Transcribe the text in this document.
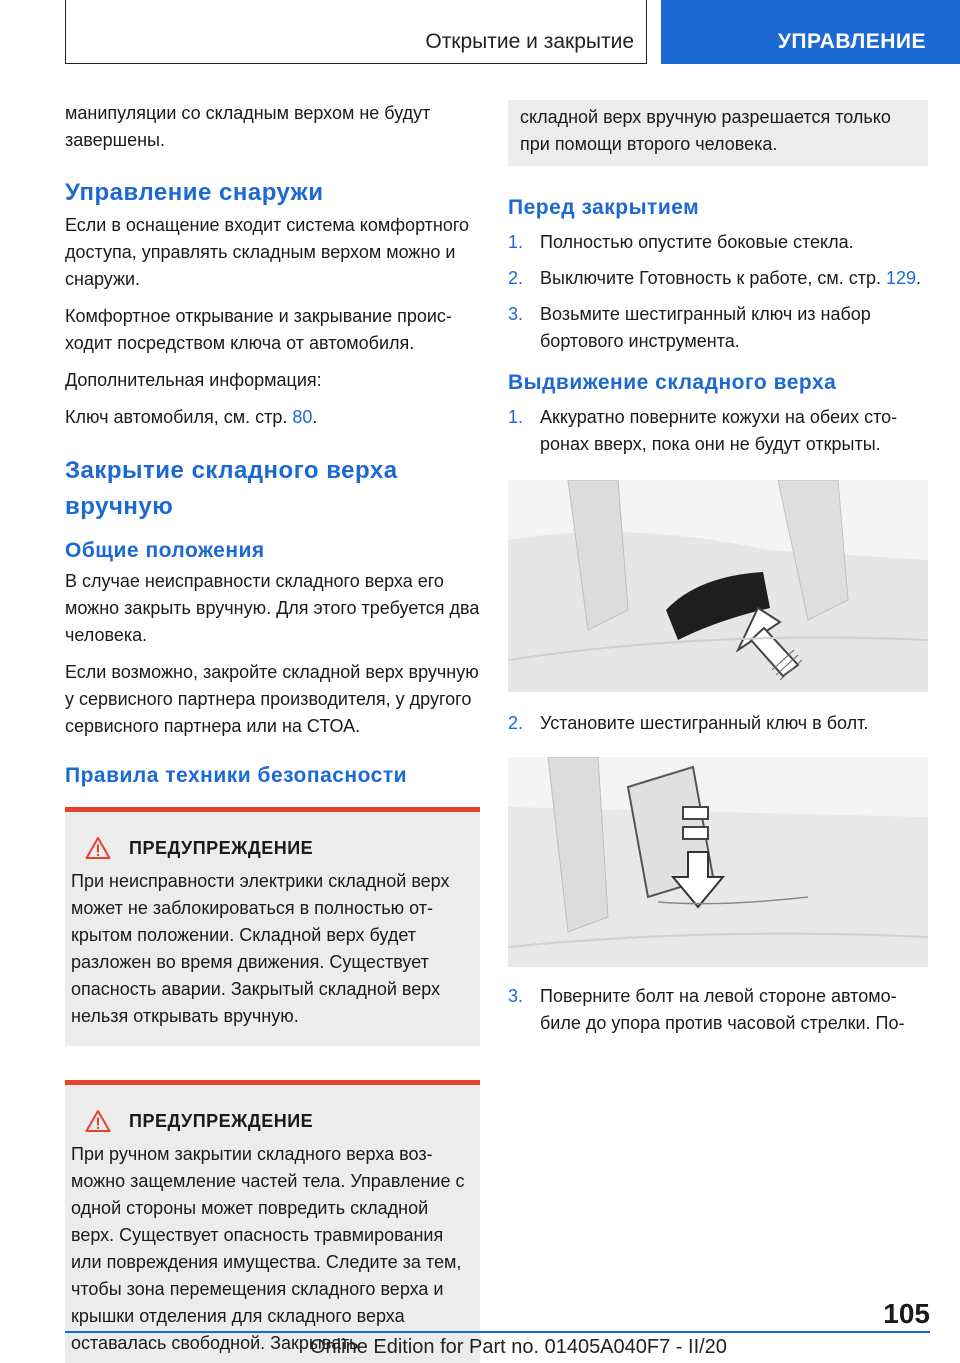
Открытие и закрытие	УПРАВЛЕНИЕ

манипуляции со складным верхом не будут завершены.

Управление снаружи

Если в оснащение входит система комфортного доступа, управлять складным верхом можно и снаружи.

Комфортное открывание и закрывание происходит посредством ключа от автомобиля.

Дополнительная информация:

Ключ автомобиля, см. стр. 80.

Закрытие складного верха вручную
Общие положения

В случае неисправности складного верха его можно закрыть вручную. Для этого требуется два человека.

Если возможно, закройте складной верх вручную у сервисного партнера производителя, у другого сервисного партнера или на СТОА.

Правила техники безопасности
ПРЕДУПРЕЖДЕНИЕ

При неисправности электрики складной верх может не заблокироваться в полностью открытом положении. Складной верх будет разложен во время движения. Существует опасность аварии. Закрытый складной верх нельзя открывать вручную.

ПРЕДУПРЕЖДЕНИЕ

При ручном закрытии складного верха возможно защемление частей тела. Управление с одной стороны может повредить складной верх. Существует опасность травмирования или повреждения имущества. Следите за тем, чтобы зона перемещения складного верха и крышки отделения для складного верха оставалась свободной. Закрывать

складной верх вручную разрешается только при помощи второго человека.

Перед закрытием
1. Полностью опустите боковые стекла.
2. Выключите Готовность к работе, см. стр. 129.
3. Возьмите шестигранный ключ из набор бортового инструмента.
Выдвижение складного верха
1. Аккуратно поверните кожухи на обеих сторонах вверх, пока они не будут открыты.
2. Установите шестигранный ключ в болт.
3. Поверните болт на левой стороне автомобиле до упора против часовой стрелки. По-
105
Online Edition for Part no. 01405A040F7 - II/20
